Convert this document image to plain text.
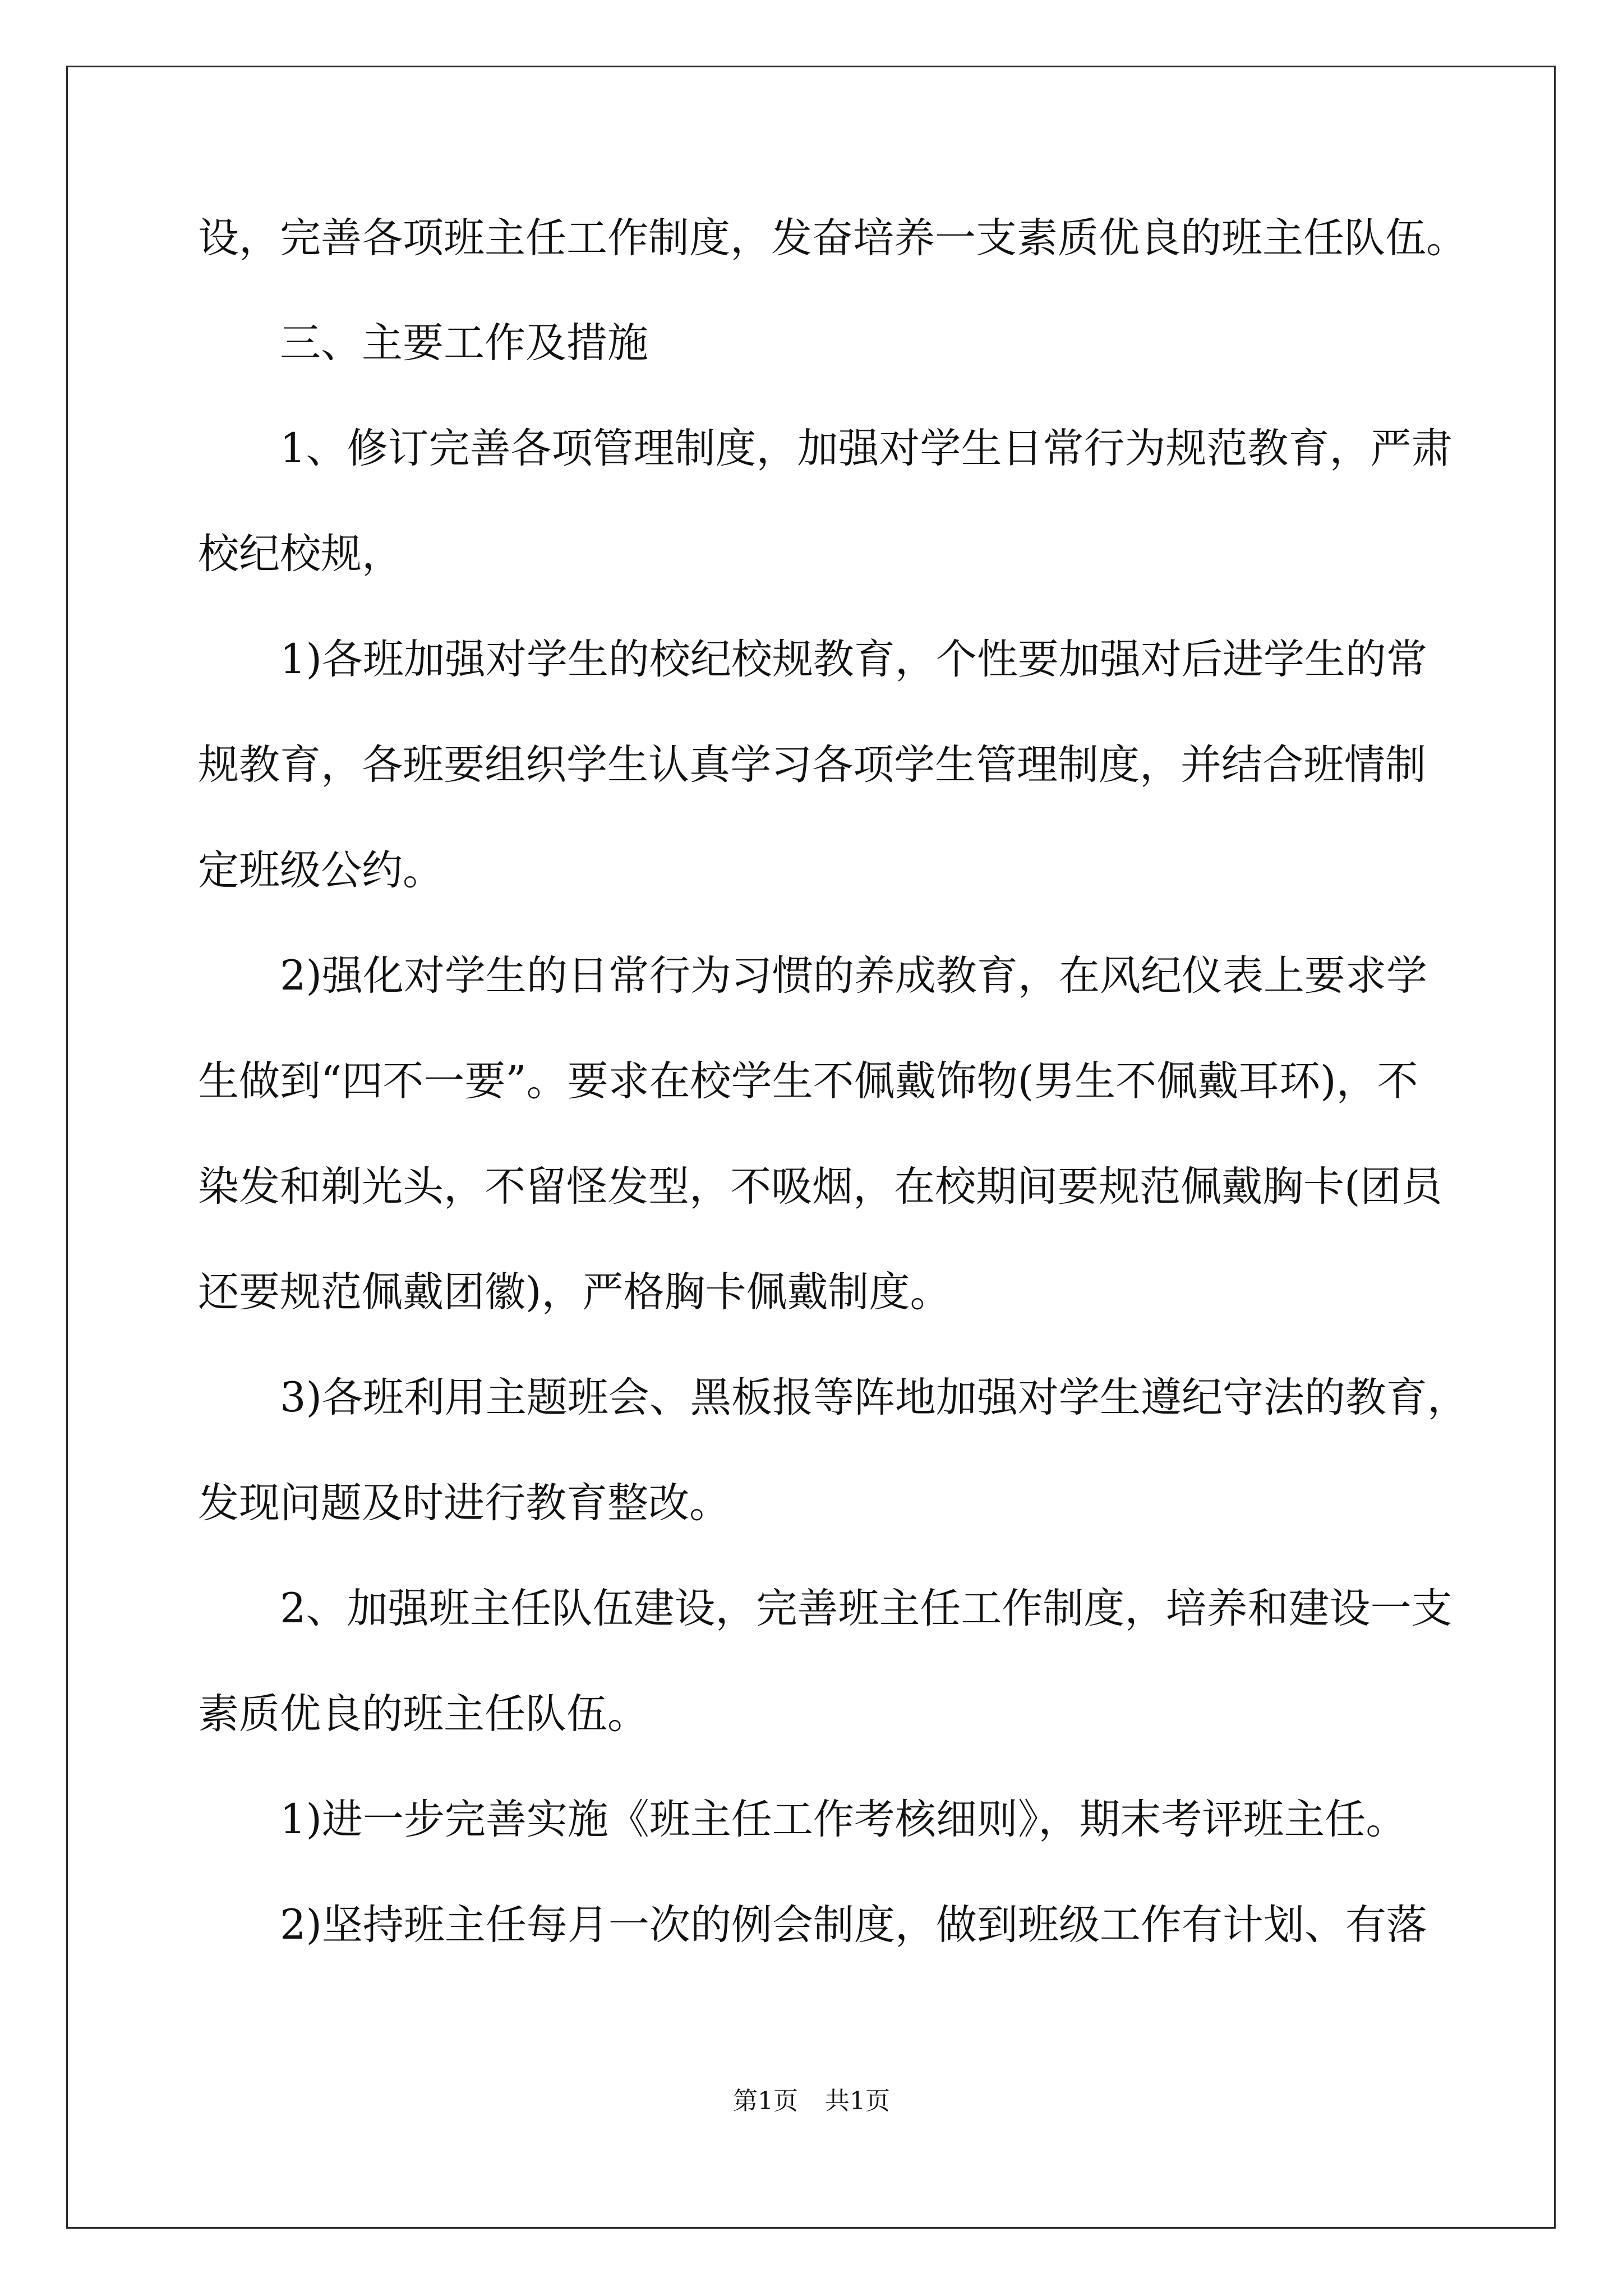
设，完善各项班主任工作制度，发奋培养一支素质优良的班主任队伍。
三、主要工作及措施
1、修订完善各项管理制度，加强对学生日常行为规范教育，严肃
校纪校规，
1)各班加强对学生的校纪校规教育，个性要加强对后进学生的常
规教育，各班要组织学生认真学习各项学生管理制度，并结合班情制
定班级公约。
2)强化对学生的日常行为习惯的养成教育，在风纪仪表上要求学
生做到“四不一要”。要求在校学生不佩戴饰物(男生不佩戴耳环)，不
染发和剃光头，不留怪发型，不吸烟，在校期间要规范佩戴胸卡(团员
还要规范佩戴团徽)，严格胸卡佩戴制度。
3)各班利用主题班会、黑板报等阵地加强对学生遵纪守法的教育，
发现问题及时进行教育整改。
2、加强班主任队伍建设，完善班主任工作制度，培养和建设一支
素质优良的班主任队伍。
1)进一步完善实施《班主任工作考核细则》，期末考评班主任。
2)坚持班主任每月一次的例会制度，做到班级工作有计划、有落
第1页 共1页
